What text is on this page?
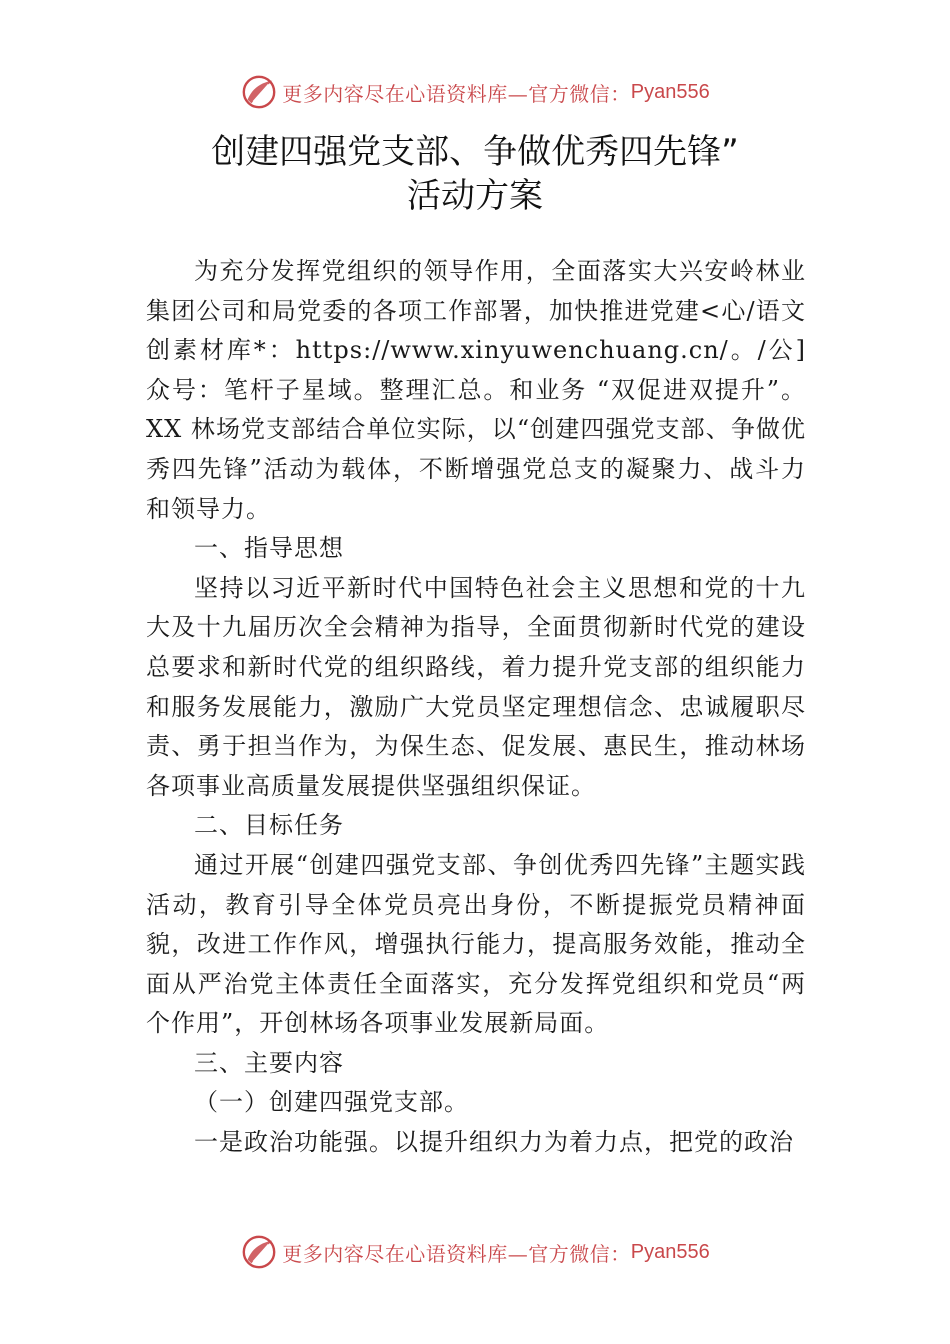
更多内容尽在心语资料库—官方微信： Pyan556
创建四强党支部、争做优秀四先锋”
活动方案

为充分发挥党组织的领导作用，全面落实大兴安岭林业集团公司和局党委的各项工作部署，加快推进党建<心/语文创素材库*：https://www.xinyuwenchuang.cn/。/公]众号：笔杆子星域。整理汇总。和业务 “双促进双提升”。XX 林场党支部结合单位实际，以“创建四强党支部、争做优秀四先锋”活动为载体，不断增强党总支的凝聚力、战斗力和领导力。

一、指导思想

坚持以习近平新时代中国特色社会主义思想和党的十九大及十九届历次全会精神为指导，全面贯彻新时代党的建设总要求和新时代党的组织路线，着力提升党支部的组织能力和服务发展能力，激励广大党员坚定理想信念、忠诚履职尽责、勇于担当作为，为保生态、促发展、惠民生，推动林场各项事业高质量发展提供坚强组织保证。

二、目标任务

通过开展“创建四强党支部、争创优秀四先锋”主题实践活动，教育引导全体党员亮出身份，不断提振党员精神面貌，改进工作作风，增强执行能力，提高服务效能，推动全面从严治党主体责任全面落实，充分发挥党组织和党员“两个作用”，开创林场各项事业发展新局面。

三、主要内容

（一）创建四强党支部。

一是政治功能强。以提升组织力为着力点，把党的政治

更多内容尽在心语资料库—官方微信： Pyan556
